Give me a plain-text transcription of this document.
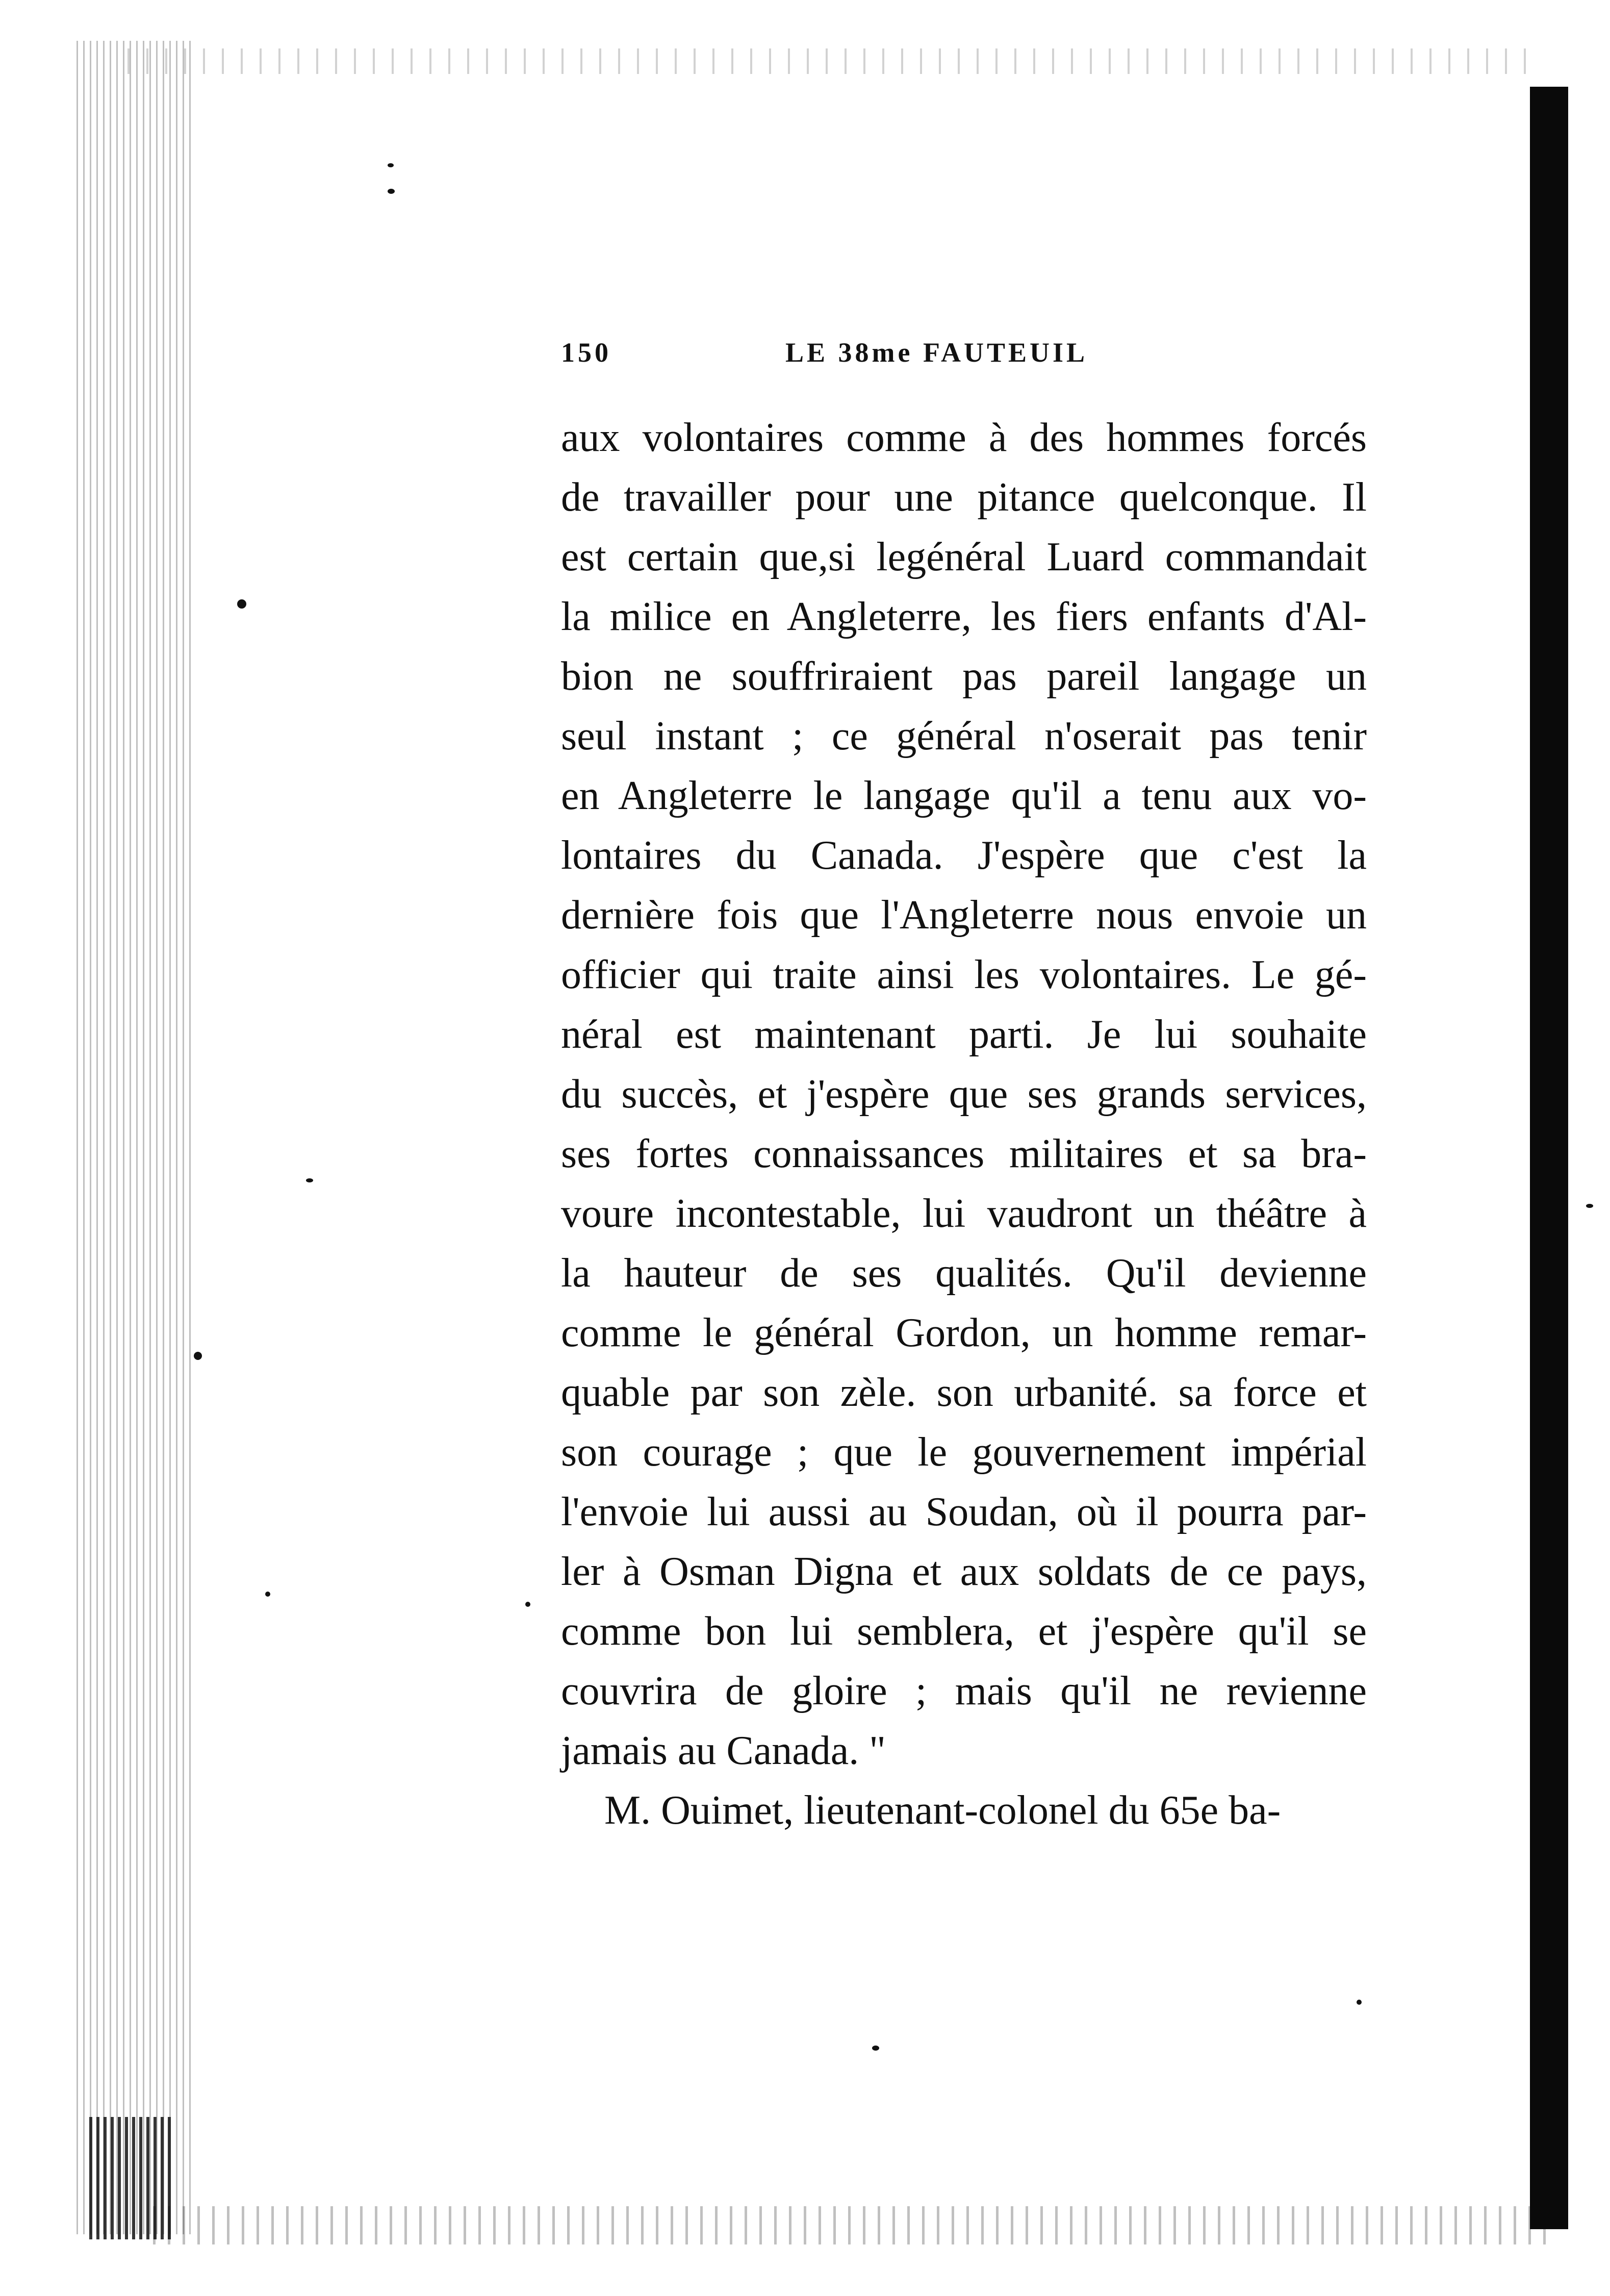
150	LE 38me FAUTEUIL
aux volontaires comme à des hommes forcés
de travailler pour une pitance quelconque. Il
est certain que,si legénéral Luard commandait
la milice en Angleterre, les fiers enfants d'Al-
bion ne souffriraient pas pareil langage un
seul instant ; ce général n'oserait pas tenir
en Angleterre le langage qu'il a tenu aux vo-
lontaires du Canada. J'espère que c'est la
dernière fois que l'Angleterre nous envoie un
officier qui traite ainsi les volontaires. Le gé-
néral est maintenant parti. Je lui souhaite
du succès, et j'espère que ses grands services,
ses fortes connaissances militaires et sa bra-
voure incontestable, lui vaudront un théâtre à
la hauteur de ses qualités. Qu'il devienne
comme le général Gordon, un homme remar-
quable par son zèle. son urbanité. sa force et
son courage ; que le gouvernement impérial
l'envoie lui aussi au Soudan, où il pourra par-
ler à Osman Digna et aux soldats de ce pays,
comme bon lui semblera, et j'espère qu'il se
couvrira de gloire ; mais qu'il ne revienne
jamais au Canada. "
M. Ouimet, lieutenant-colonel du 65e ba-
